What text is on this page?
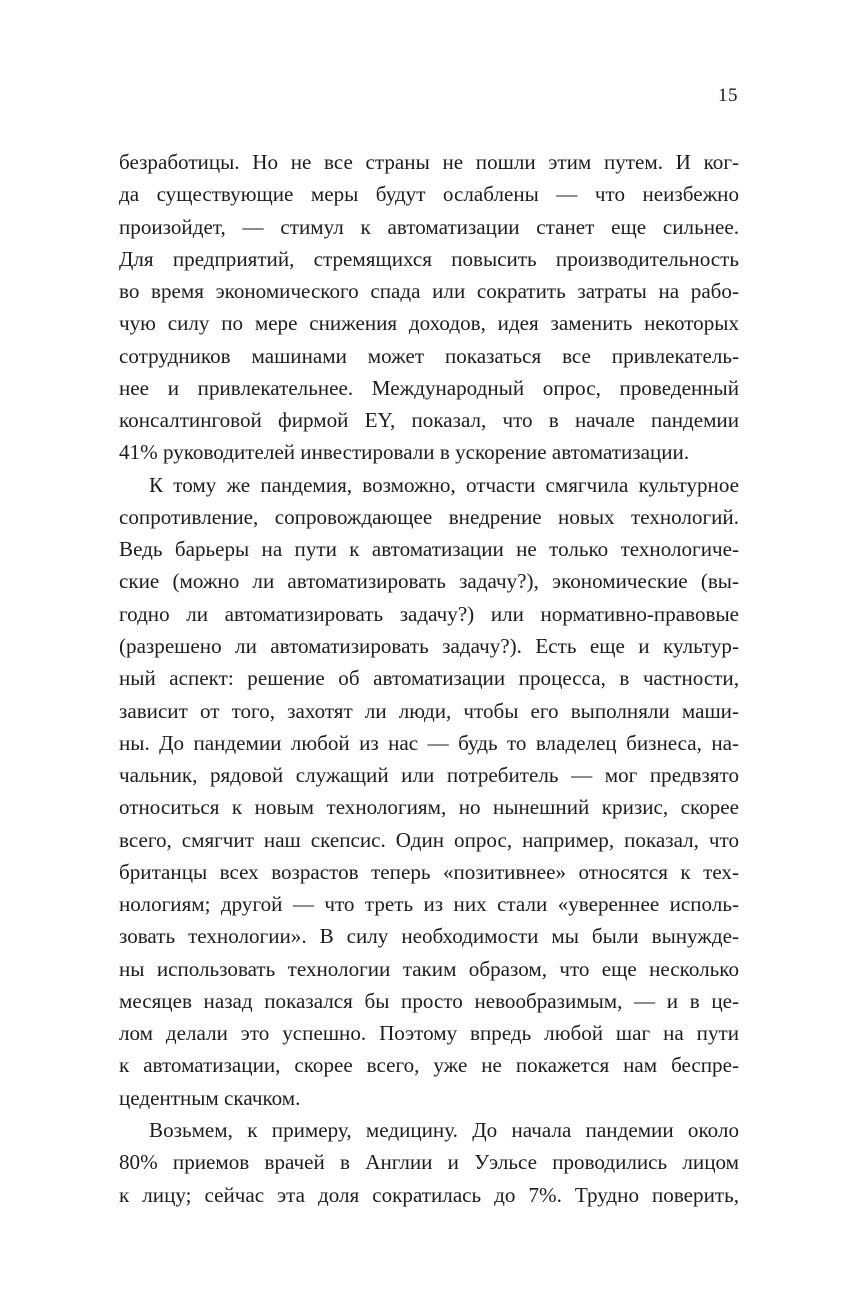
15
безработицы. Но не все страны не пошли этим путем. И ког-
да существующие меры будут ослаблены — что неизбежно
произойдет, — стимул к автоматизации станет еще сильнее.
Для предприятий, стремящихся повысить производительность
во время экономического спада или сократить затраты на рабо-
чую силу по мере снижения доходов, идея заменить некоторых
сотрудников машинами может показаться все привлекатель-
нее и привлекательнее. Международный опрос, проведенный
консалтинговой фирмой EY, показал, что в начале пандемии
41% руководителей инвестировали в ускорение автоматизации.
К тому же пандемия, возможно, отчасти смягчила культурное
сопротивление, сопровождающее внедрение новых технологий.
Ведь барьеры на пути к автоматизации не только технологиче-
ские (можно ли автоматизировать задачу?), экономические (вы-
годно ли автоматизировать задачу?) или нормативно-правовые
(разрешено ли автоматизировать задачу?). Есть еще и культур-
ный аспект: решение об автоматизации процесса, в частности,
зависит от того, захотят ли люди, чтобы его выполняли маши-
ны. До пандемии любой из нас — будь то владелец бизнеса, на-
чальник, рядовой служащий или потребитель — мог предвзято
относиться к новым технологиям, но нынешний кризис, скорее
всего, смягчит наш скепсис. Один опрос, например, показал, что
британцы всех возрастов теперь «позитивнее» относятся к тех-
нологиям; другой — что треть из них стали «увереннее исполь-
зовать технологии». В силу необходимости мы были вынужде-
ны использовать технологии таким образом, что еще несколько
месяцев назад показался бы просто невообразимым, — и в це-
лом делали это успешно. Поэтому впредь любой шаг на пути
к автоматизации, скорее всего, уже не покажется нам беспре-
цедентным скачком.
Возьмем, к примеру, медицину. До начала пандемии около
80% приемов врачей в Англии и Уэльсе проводились лицом
к лицу; сейчас эта доля сократилась до 7%. Трудно поверить,
